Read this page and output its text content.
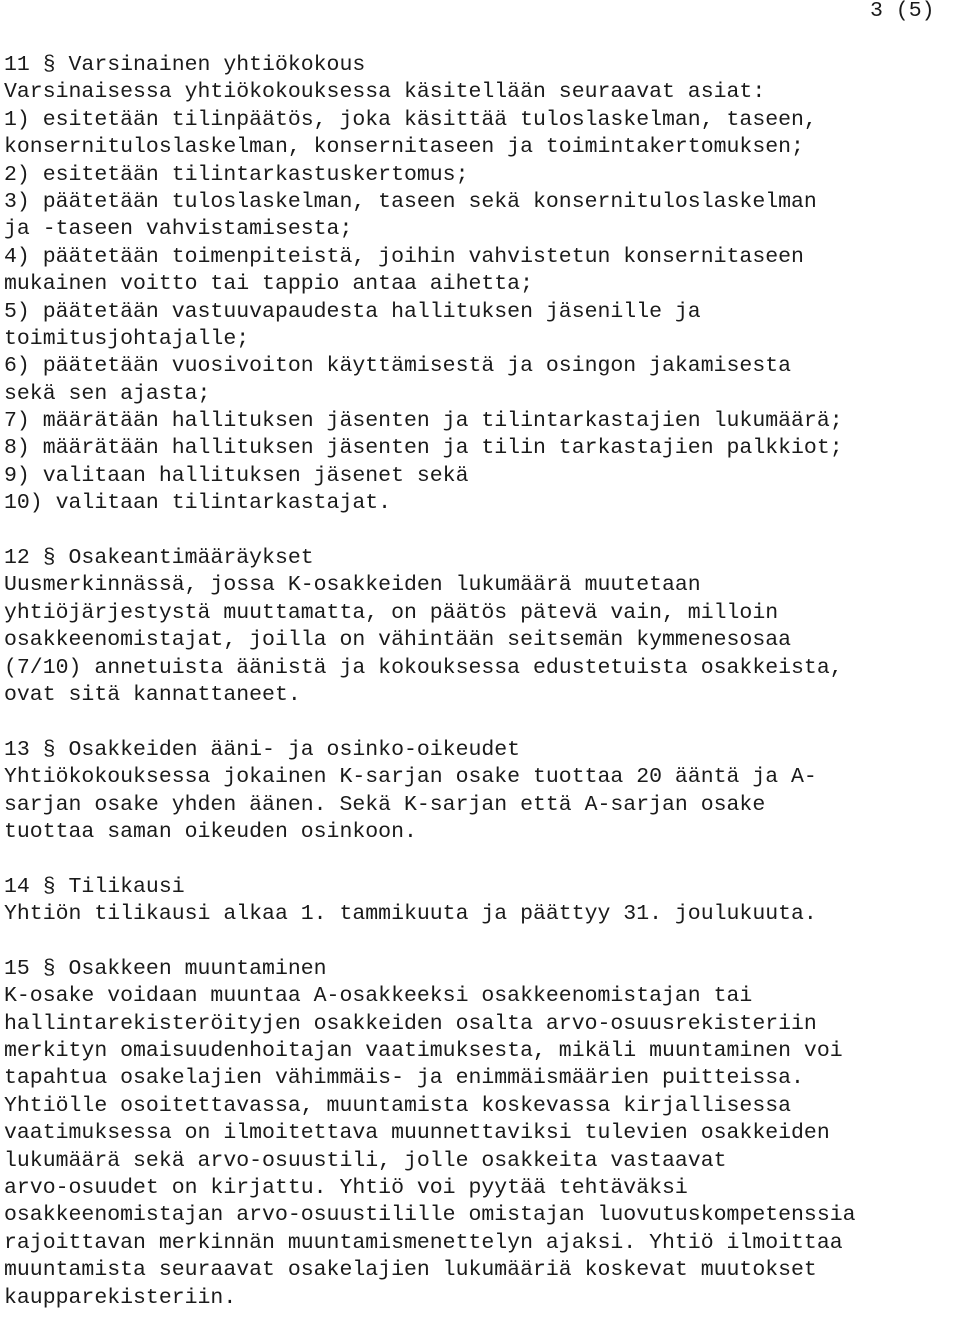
3 (5)
11 § Varsinainen yhtiökokous
Varsinaisessa yhtiökokouksessa käsitellään seuraavat asiat:
1) esitetään tilinpäätös, joka käsittää tuloslaskelman, taseen,
konsernituloslaskelman, konsernitaseen ja toimintakertomuksen;
2) esitetään tilintarkastuskertomus;
3) päätetään tuloslaskelman, taseen sekä konsernituloslaskelman
ja -taseen vahvistamisesta;
4) päätetään toimenpiteistä, joihin vahvistetun konsernitaseen
mukainen voitto tai tappio antaa aihetta;
5) päätetään vastuuvapaudesta hallituksen jäsenille ja
toimitusjohtajalle;
6) päätetään vuosivoiton käyttämisestä ja osingon jakamisesta
sekä sen ajasta;
7) määrätään hallituksen jäsenten ja tilintarkastajien lukumäärä;
8) määrätään hallituksen jäsenten ja tilin tarkastajien palkkiot;
9) valitaan hallituksen jäsenet sekä
10) valitaan tilintarkastajat.
12 § Osakeantimääräykset
Uusmerkinnässä, jossa K-osakkeiden lukumäärä muutetaan
yhtiöjärjestystä muuttamatta, on päätös pätevä vain, milloin
osakkeenomistajat, joilla on vähintään seitsemän kymmenesosaa
(7/10) annetuista äänistä ja kokouksessa edustetuista osakkeista,
ovat sitä kannattaneet.
13 § Osakkeiden ääni- ja osinko-oikeudet
Yhtiökokouksessa jokainen K-sarjan osake tuottaa 20 ääntä ja A-
sarjan osake yhden äänen. Sekä K-sarjan että A-sarjan osake
tuottaa saman oikeuden osinkoon.
14 § Tilikausi
Yhtiön tilikausi alkaa 1. tammikuuta ja päättyy 31. joulukuuta.
15 § Osakkeen muuntaminen
K-osake voidaan muuntaa A-osakkeeksi osakkeenomistajan tai
hallintarekisteröityjen osakkeiden osalta arvo-osuusrekisteriin
merkityn omaisuudenhoitajan vaatimuksesta, mikäli muuntaminen voi
tapahtua osakelajien vähimmäis- ja enimmäismäärien puitteissa.
Yhtiölle osoitettavassa, muuntamista koskevassa kirjallisessa
vaatimuksessa on ilmoitettava muunnettaviksi tulevien osakkeiden
lukumäärä sekä arvo-osuustili, jolle osakkeita vastaavat
arvo-osuudet on kirjattu. Yhtiö voi pyytää tehtäväksi
osakkeenomistajan arvo-osuustilille omistajan luovutuskompetenssia
rajoittavan merkinnän muuntamismenettelyn ajaksi. Yhtiö ilmoittaa
muuntamista seuraavat osakelajien lukumääriä koskevat muutokset
kaupparekisteriin.
